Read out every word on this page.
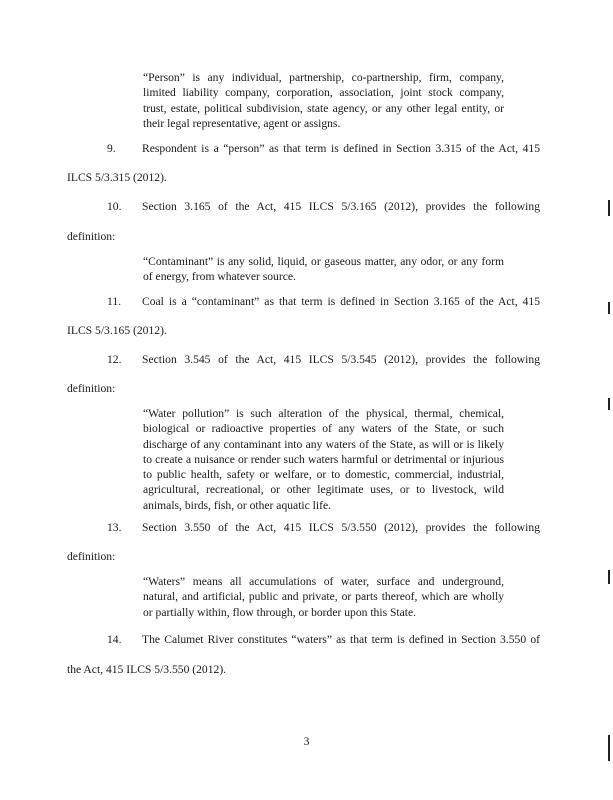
“Person” is any individual, partnership, co-partnership, firm, company, limited liability company, corporation, association, joint stock company, trust, estate, political subdivision, state agency, or any other legal entity, or their legal representative, agent or assigns.

9. Respondent is a “person” as that term is defined in Section 3.315 of the Act, 415
ILCS 5/3.315 (2012).
10. Section 3.165 of the Act, 415 ILCS 5/3.165 (2012), provides the following
definition:

“Contaminant” is any solid, liquid, or gaseous matter, any odor, or any form of energy, from whatever source.

11. Coal is a “contaminant” as that term is defined in Section 3.165 of the Act, 415
ILCS 5/3.165 (2012).
12. Section 3.545 of the Act, 415 ILCS 5/3.545 (2012), provides the following
definition:

“Water pollution” is such alteration of the physical, thermal, chemical, biological or radioactive properties of any waters of the State, or such discharge of any contaminant into any waters of the State, as will or is likely to create a nuisance or render such waters harmful or detrimental or injurious to public health, safety or welfare, or to domestic, commercial, industrial, agricultural, recreational, or other legitimate uses, or to livestock, wild animals, birds, fish, or other aquatic life.

13. Section 3.550 of the Act, 415 ILCS 5/3.550 (2012), provides the following
definition:

“Waters” means all accumulations of water, surface and underground, natural, and artificial, public and private, or parts thereof, which are wholly or partially within, flow through, or border upon this State.

14. The Calumet River constitutes “waters” as that term is defined in Section 3.550 of
the Act, 415 ILCS 5/3.550 (2012).
3
